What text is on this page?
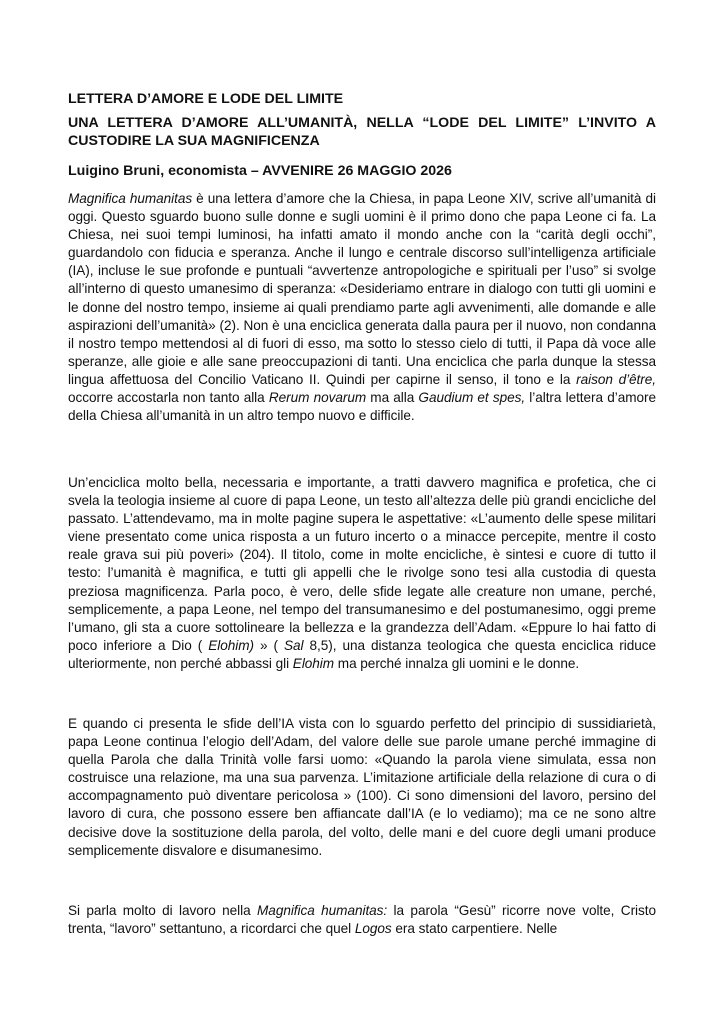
LETTERA D’AMORE E LODE DEL LIMITE
UNA LETTERA D’AMORE ALL’UMANITÀ, NELLA “LODE DEL LIMITE” L’INVITO A CUSTODIRE LA SUA MAGNIFICENZA
Luigino Bruni, economista – AVVENIRE 26 MAGGIO 2026

Magnifica humanitas è una lettera d’amore che la Chiesa, in papa Leone XIV, scrive all’umanità di oggi. Questo sguardo buono sulle donne e sugli uomini è il primo dono che papa Leone ci fa. La Chiesa, nei suoi tempi luminosi, ha infatti amato il mondo anche con la “carità degli occhi”, guardandolo con fiducia e speranza. Anche il lungo e centrale discorso sull’intelligenza artificiale (IA), incluse le sue profonde e puntuali “avvertenze antropologiche e spirituali per l’uso” si svolge all’interno di questo umanesimo di speranza: «Desideriamo entrare in dialogo con tutti gli uomini e le donne del nostro tempo, insieme ai quali prendiamo parte agli avvenimenti, alle domande e alle aspirazioni dell’umanità» (2). Non è una enciclica generata dalla paura per il nuovo, non condanna il nostro tempo mettendosi al di fuori di esso, ma sotto lo stesso cielo di tutti, il Papa dà voce alle speranze, alle gioie e alle sane preoccupazioni di tanti. Una enciclica che parla dunque la stessa lingua affettuosa del Concilio Vaticano II. Quindi per capirne il senso, il tono e la raison d’être, occorre accostarla non tanto alla Rerum novarum ma alla Gaudium et spes, l’altra lettera d’amore della Chiesa all’umanità in un altro tempo nuovo e difficile.

Un’enciclica molto bella, necessaria e importante, a tratti davvero magnifica e profetica, che ci svela la teologia insieme al cuore di papa Leone, un testo all’altezza delle più grandi encicliche del passato. L’attendevamo, ma in molte pagine supera le aspettative: «L’aumento delle spese militari viene presentato come unica risposta a un futuro incerto o a minacce percepite, mentre il costo reale grava sui più poveri» (204). Il titolo, come in molte encicliche, è sintesi e cuore di tutto il testo: l’umanità è magnifica, e tutti gli appelli che le rivolge sono tesi alla custodia di questa preziosa magnificenza. Parla poco, è vero, delle sfide legate alle creature non umane, perché, semplicemente, a papa Leone, nel tempo del transumanesimo e del postumanesimo, oggi preme l’umano, gli sta a cuore sottolineare la bellezza e la grandezza dell’Adam. «Eppure lo hai fatto di poco inferiore a Dio ( Elohim) » ( Sal 8,5), una distanza teologica che questa enciclica riduce ulteriormente, non perché abbassi gli Elohim ma perché innalza gli uomini e le donne.

E quando ci presenta le sfide dell’IA vista con lo sguardo perfetto del principio di sussidiarietà, papa Leone continua l’elogio dell’Adam, del valore delle sue parole umane perché immagine di quella Parola che dalla Trinità volle farsi uomo: «Quando la parola viene simulata, essa non costruisce una relazione, ma una sua parvenza. L’imitazione artificiale della relazione di cura o di accompagnamento può diventare pericolosa » (100). Ci sono dimensioni del lavoro, persino del lavoro di cura, che possono essere ben affiancate dall’IA (e lo vediamo); ma ce ne sono altre decisive dove la sostituzione della parola, del volto, delle mani e del cuore degli umani produce semplicemente disvalore e disumanesimo.

Si parla molto di lavoro nella Magnifica humanitas: la parola “Gesù” ricorre nove volte, Cristo trenta, “lavoro” settantuno, a ricordarci che quel Logos era stato carpentiere. Nelle
